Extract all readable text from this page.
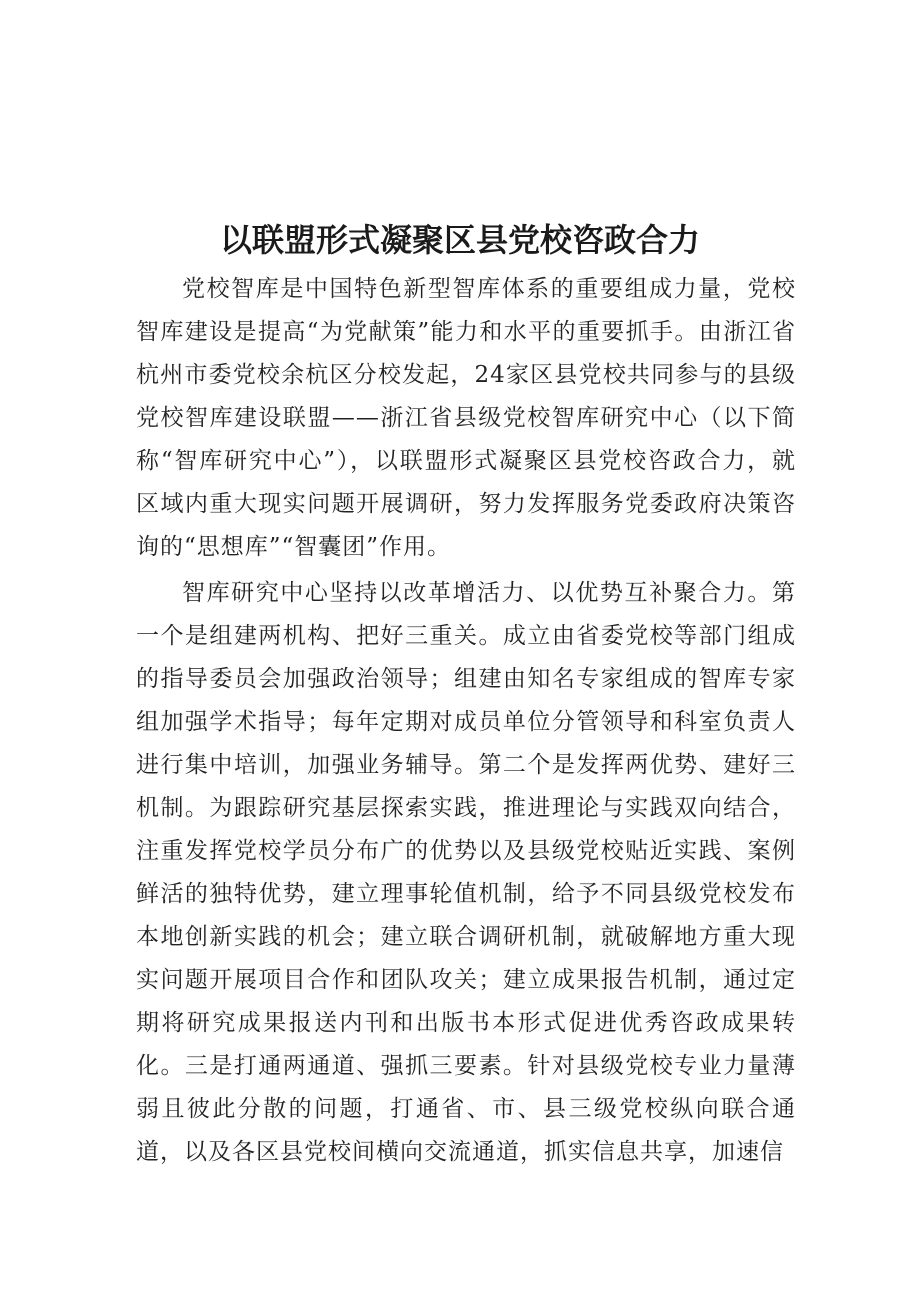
以联盟形式凝聚区县党校咨政合力

党校智库是中国特色新型智库体系的重要组成力量，党校智库建设是提高“为党献策”能力和水平的重要抓手。由浙江省杭州市委党校余杭区分校发起，24家区县党校共同参与的县级党校智库建设联盟——浙江省县级党校智库研究中心（以下简称“智库研究中心”），以联盟形式凝聚区县党校咨政合力，就区域内重大现实问题开展调研，努力发挥服务党委政府决策咨询的“思想库”“智囊团”作用。

智库研究中心坚持以改革增活力、以优势互补聚合力。第一个是组建两机构、把好三重关。成立由省委党校等部门组成的指导委员会加强政治领导；组建由知名专家组成的智库专家组加强学术指导；每年定期对成员单位分管领导和科室负责人进行集中培训，加强业务辅导。第二个是发挥两优势、建好三机制。为跟踪研究基层探索实践，推进理论与实践双向结合，注重发挥党校学员分布广的优势以及县级党校贴近实践、案例鲜活的独特优势，建立理事轮值机制，给予不同县级党校发布本地创新实践的机会；建立联合调研机制，就破解地方重大现实问题开展项目合作和团队攻关；建立成果报告机制，通过定期将研究成果报送内刊和出版书本形式促进优秀咨政成果转化。三是打通两通道、强抓三要素。针对县级党校专业力量薄弱且彼此分散的问题，打通省、市、县三级党校纵向联合通道，以及各区县党校间横向交流通道，抓实信息共享，加速信
